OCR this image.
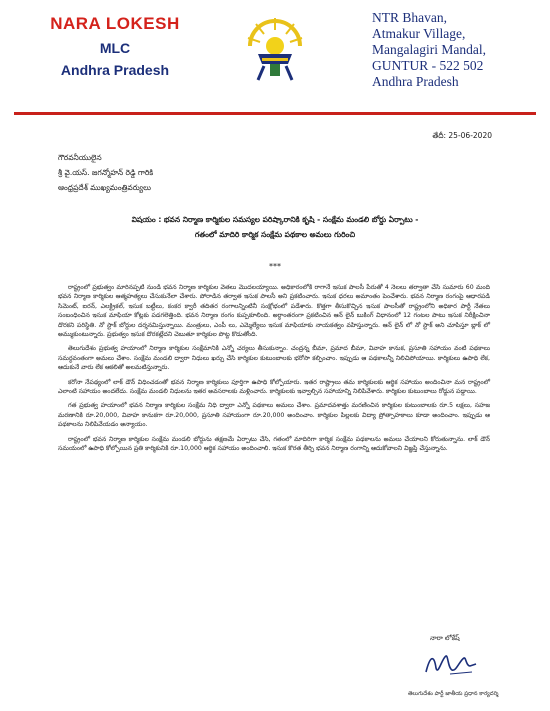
NARA LOKESH
MLC
Andhra Pradesh
NTR Bhavan,
Atmakur Village,
Mangalagiri Mandal,
GUNTUR - 522 502
Andhra Pradesh
తేదీ: 25-06-2020
గౌరవనీయులైన
శ్రీ వై.యస్. జగన్మోహన్ రెడ్డి గారికి
ఆంధ్రప్రదేశ్ ముఖ్యమంత్రివర్యులు
విషయం : భవన నిర్మాణ కార్మికుల సమస్యల పరిష్కారానికి కృషి - సంక్షేమ మండలి బోర్డు ఏర్పాటు -
గతంలో మాదిరి కార్మిక సంక్షేమ పథకాల అమలు గురించి
***

రాష్ట్రంలో ప్రభుత్వం మారినప్పటి నుండి భవన నిర్మాణ కార్మికుల వెతలు మొదలయ్యాయి. అధికారంలోకి రాగానే ఇసుక పాలసీ పేరుతో 4 నెలలు తర్వాతా చేసి సుమారు 60 మంది భవన నిర్మాణ కార్మికుల ఆత్మహత్యలు చేసుకునేలా చేశారు. పోరాడిన తర్వాత ఇసుక పాలసీ అని ప్రకటించారు. ఇసుక ధరలు అమాంతం పెంచేశారు. భవన నిర్మాణ రంగంపై ఆధారపడి సిమెంట్, ఐరన్, ఎలక్ట్రికల్, ఇసుక బట్టీలు, కంకర క్వారీ తదితర రంగాలన్నింటినీ సంక్షోభంలో పడేశారు. కొత్తగా తీసుకొచ్చిన ఇసుక పాలసీతో రాష్ట్రంలోని అధికార పార్టీ నేతలు సంబంధించిన ఇసుక మాఫియా కోట్లకు పడగలెత్తింది. భవన నిర్మాణ రంగం కుప్పకూలింది. అర్ధాంతరంగా ప్రకటించిన ఆన్ లైన్ బుకింగ్ విధానంలో 12 గంటల పాటు ఇసుక నిరీక్షించినా దొరకని పరిస్థితి. నో స్టాక్ బోర్డుల దర్శనమిస్తున్నాయి. మంత్రులు, ఎంపీ లు, ఎమ్మెల్యేలు ఇసుక మాఫియాకు నాయకత్వం వహిస్తున్నారు. ఆన్ లైన్ లో నో స్టాక్ అని చూపిస్తూ బ్లాక్ లో అమ్ముకుంటున్నారు. ప్రభుత్వం ఇసుక దొరకట్లేదని చెబుతూ కార్మికుల పొట్ట కొడుతోంది.

తెలుగుదేశం ప్రభుత్వ హయాంలో నిర్మాణ కార్మికుల సంక్షేమానికి ఎన్నో చర్యలు తీసుకున్నాం. చంద్రన్న బీమా, ప్రమాద బీమా, వివాహ కానుక, ప్రసూతి సహాయం వంటి పథకాలు సమర్ధవంతంగా అమలు చేశాం. సంక్షేమ మండలి ద్వారా నిధులు ఖర్చు చేసి కార్మికుల కుటుంబాలకు భరోసా కల్పించాం. ఇప్పుడు ఆ పథకాలన్నీ నిలిచిపోయాయి. కార్మికులు ఉపాధి లేక, ఆదుకునే వారు లేక ఆకలితో అలమటిస్తున్నారు.

కరోనా నేపథ్యంలో లాక్ డౌన్ విధించడంతో భవన నిర్మాణ కార్మికులు పూర్తిగా ఉపాధి కోల్పోయారు. ఇతర రాష్ట్రాలు తమ కార్మికులకు ఆర్థిక సహాయం అందించినా మన రాష్ట్రంలో ఎలాంటి సహాయం అందలేదు. సంక్షేమ మండలి నిధులను ఇతర అవసరాలకు మళ్లించారు. కార్మికులకు ఇవ్వాల్సిన సహాయాన్ని నిలిపివేశారు. కార్మికుల కుటుంబాలు రోడ్డున పడ్డాయి.

గత ప్రభుత్వ హయాంలో భవన నిర్మాణ కార్మికుల సంక్షేమ నిధి ద్వారా ఎన్నో పథకాలు అమలు చేశాం. ప్రమాదవశాత్తు మరణించిన కార్మికుల కుటుంబాలకు రూ.5 లక్షలు, సహజ మరణానికి రూ.20,000, వివాహ కానుకగా రూ.20,000, ప్రసూతి సహాయంగా రూ.20,000 అందించాం. కార్మికుల పిల్లలకు విద్యా ప్రోత్సాహకాలు కూడా అందించాం. ఇప్పుడు ఆ పథకాలను నిలిపివేయడం అన్యాయం.

రాష్ట్రంలో భవన నిర్మాణ కార్మికుల సంక్షేమ మండలి బోర్డును తక్షణమే ఏర్పాటు చేసి, గతంలో మాదిరిగా కార్మిక సంక్షేమ పథకాలను అమలు చేయాలని కోరుతున్నాను. లాక్ డౌన్ సమయంలో ఉపాధి కోల్పోయిన ప్రతి కార్మికునికి రూ.10,000 ఆర్థిక సహాయం అందించాలి. ఇసుక కొరత తీర్చి భవన నిర్మాణ రంగాన్ని ఆదుకోవాలని విజ్ఞప్తి చేస్తున్నాను.

నారా లోకేష్
తెలుగుదేశం పార్టీ జాతీయ ప్రధాన కార్యదర్శి
